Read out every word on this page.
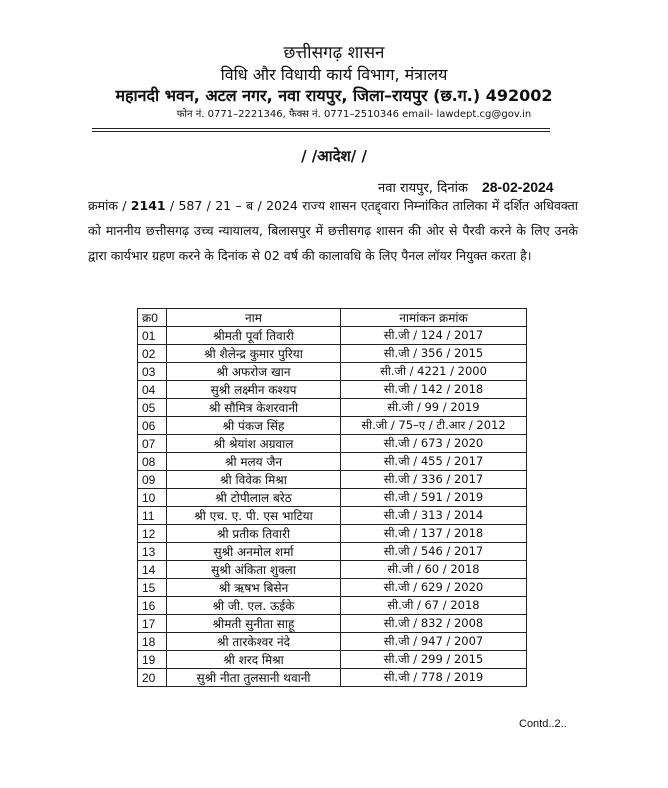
छत्तीसगढ़ शासन
विधि और विधायी कार्य विभाग, मंत्रालय
महानदी भवन, अटल नगर, नवा रायपुर, जिला–रायपुर (छ.ग.) 492002
फोन नं. 0771–2221346, फैक्स नं. 0771–2510346 email- lawdept.cg@gov.in
/ /आदेश/ /
नवा रायपुर, दिनांक 28-02-2024
क्रमांक / 2141 / 587 / 21 – ब / 2024 राज्य शासन एतद्द्वारा निम्नांकित तालिका में दर्शित अधिवक्ता को माननीय छत्तीसगढ़ उच्च न्यायालय, बिलासपुर में छत्तीसगढ़ शासन की ओर से पैरवी करने के लिए उनके द्वारा कार्यभार ग्रहण करने के दिनांक से 02 वर्ष की कालावधि के लिए पैनल लॉयर नियुक्त करता है।
क्र0	नाम	नामांकन क्रमांक
01	श्रीमती पूर्वा तिवारी	सी.जी / 124 / 2017
02	श्री शैलेन्द्र कुमार पुरिया	सी.जी / 356 / 2015
03	श्री अफरोज खान	सी.जी / 4221 / 2000
04	सुश्री लक्ष्मीन कश्यप	सी.जी / 142 / 2018
05	श्री सौमित्र केशरवानी	सी.जी / 99 / 2019
06	श्री पंकज सिंह	सी.जी / 75–ए / टी.आर / 2012
07	श्री श्रेयांश अग्रवाल	सी.जी / 673 / 2020
08	श्री मलय जैन	सी.जी / 455 / 2017
09	श्री विवेक मिश्रा	सी.जी / 336 / 2017
10	श्री टोपीलाल बरेठ	सी.जी / 591 / 2019
11	श्री एच. ए. पी. एस भाटिया	सी.जी / 313 / 2014
12	श्री प्रतीक तिवारी	सी.जी / 137 / 2018
13	सुश्री अनमोल शर्मा	सी.जी / 546 / 2017
14	सुश्री अंकिता शुक्ला	सी.जी / 60 / 2018
15	श्री ऋषभ बिसेन	सी.जी / 629 / 2020
16	श्री जी. एल. ऊईके	सी.जी / 67 / 2018
17	श्रीमती सुनीता साहू	सी.जी / 832 / 2008
18	श्री तारकेश्वर नंदे	सी.जी / 947 / 2007
19	श्री शरद मिश्रा	सी.जी / 299 / 2015
20	सुश्री नीता तुलसानी थवानी	सी.जी / 778 / 2019
Contd..2..
